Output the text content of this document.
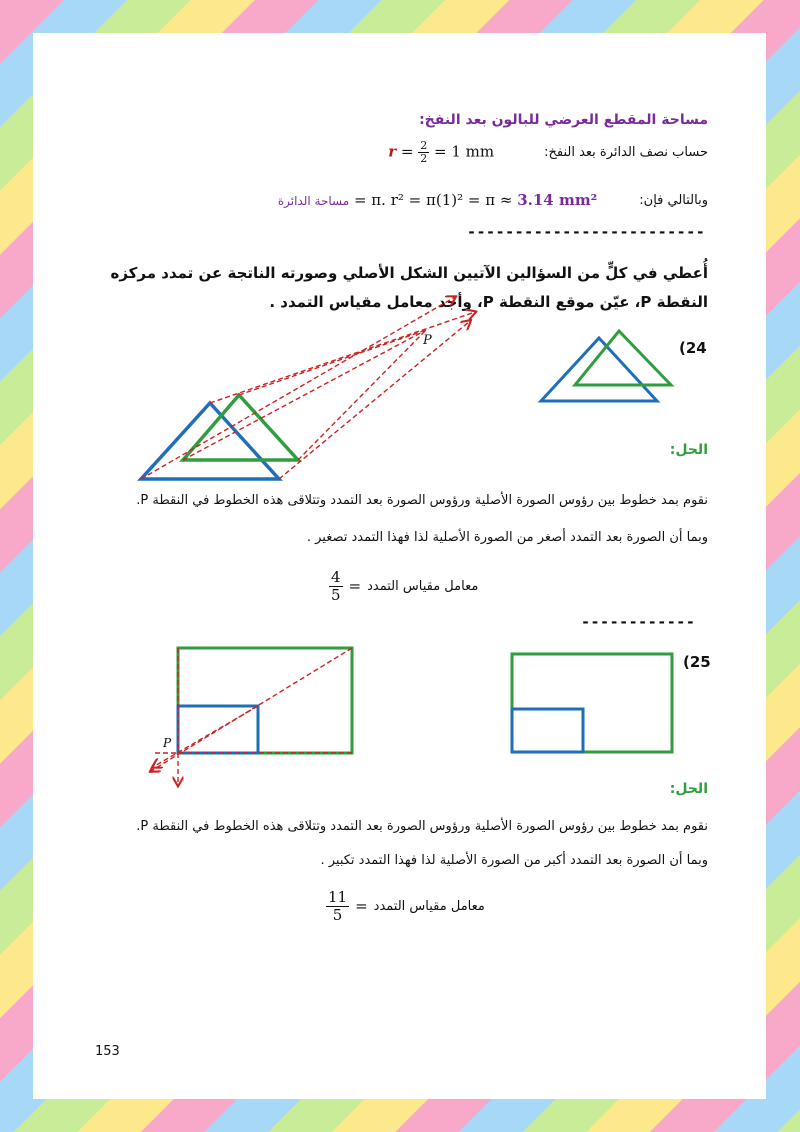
مساحة المقطع العرضي للبالون بعد النفخ:
حساب نصف الدائرة بعد النفخ:
$r = \frac{2}{2} = 1$ mm
وبالتالي فإن:
مساحة الدائرة = π. r² = π(1)² = π ≈ 3.14 mm²
-------------------------
أُعطي في كلٍّ من السؤالين الآتيين الشكل الأصلي وصورته الناتجة عن تمدد مركزه النقطة P، عيّن موقع النقطة P، وأجد معامل مقياس التمدد .
(24
P
الحل:
نقوم بمد خطوط بين رؤوس الصورة الأصلية ورؤوس الصورة بعد التمدد وتتلاقى هذه الخطوط في النقطة P.
وبما أن الصورة بعد التمدد أصغر من الصورة الأصلية لذا فهذا التمدد تصغير .
$\frac{4}{5}$ = معامل مقياس التمدد
------------
(25
P
الحل:
نقوم بمد خطوط بين رؤوس الصورة الأصلية ورؤوس الصورة بعد التمدد وتتلاقى هذه الخطوط في النقطة P.
وبما أن الصورة بعد التمدد أكبر من الصورة الأصلية لذا فهذا التمدد تكبير .
$\frac{11}{5}$ = معامل مقياس التمدد
153
